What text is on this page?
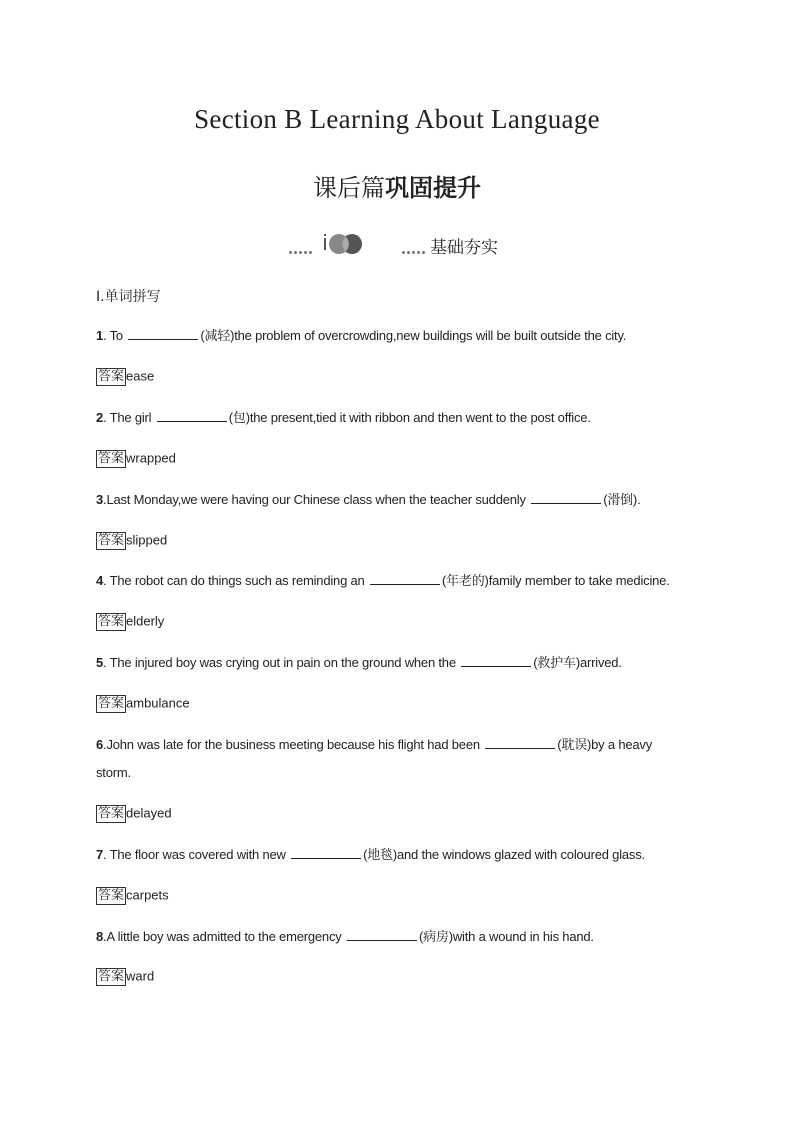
Section B Learning About Language
课后篇巩固提升
基础夯实
Ⅰ.单词拼写
1. To	(减轻)the problem of overcrowding,new buildings will be built outside the city.
答案 ease
2. The girl	(包)the present,tied it with ribbon and then went to the post office.
答案 wrapped
3.Last Monday,we were having our Chinese class when the teacher suddenly	(滑倒).
答案 slipped
4. The robot can do things such as reminding an	(年老的)family member to take medicine.
答案 elderly
5. The injured boy was crying out in pain on the ground when the	(救护车)arrived.
答案 ambulance
6.John was late for the business meeting because his flight had been	(耽误)by a heavy storm.
答案 delayed
7. The floor was covered with new	(地毯)and the windows glazed with coloured glass.
答案 carpets
8.A little boy was admitted to the emergency	(病房)with a wound in his hand.
答案 ward
